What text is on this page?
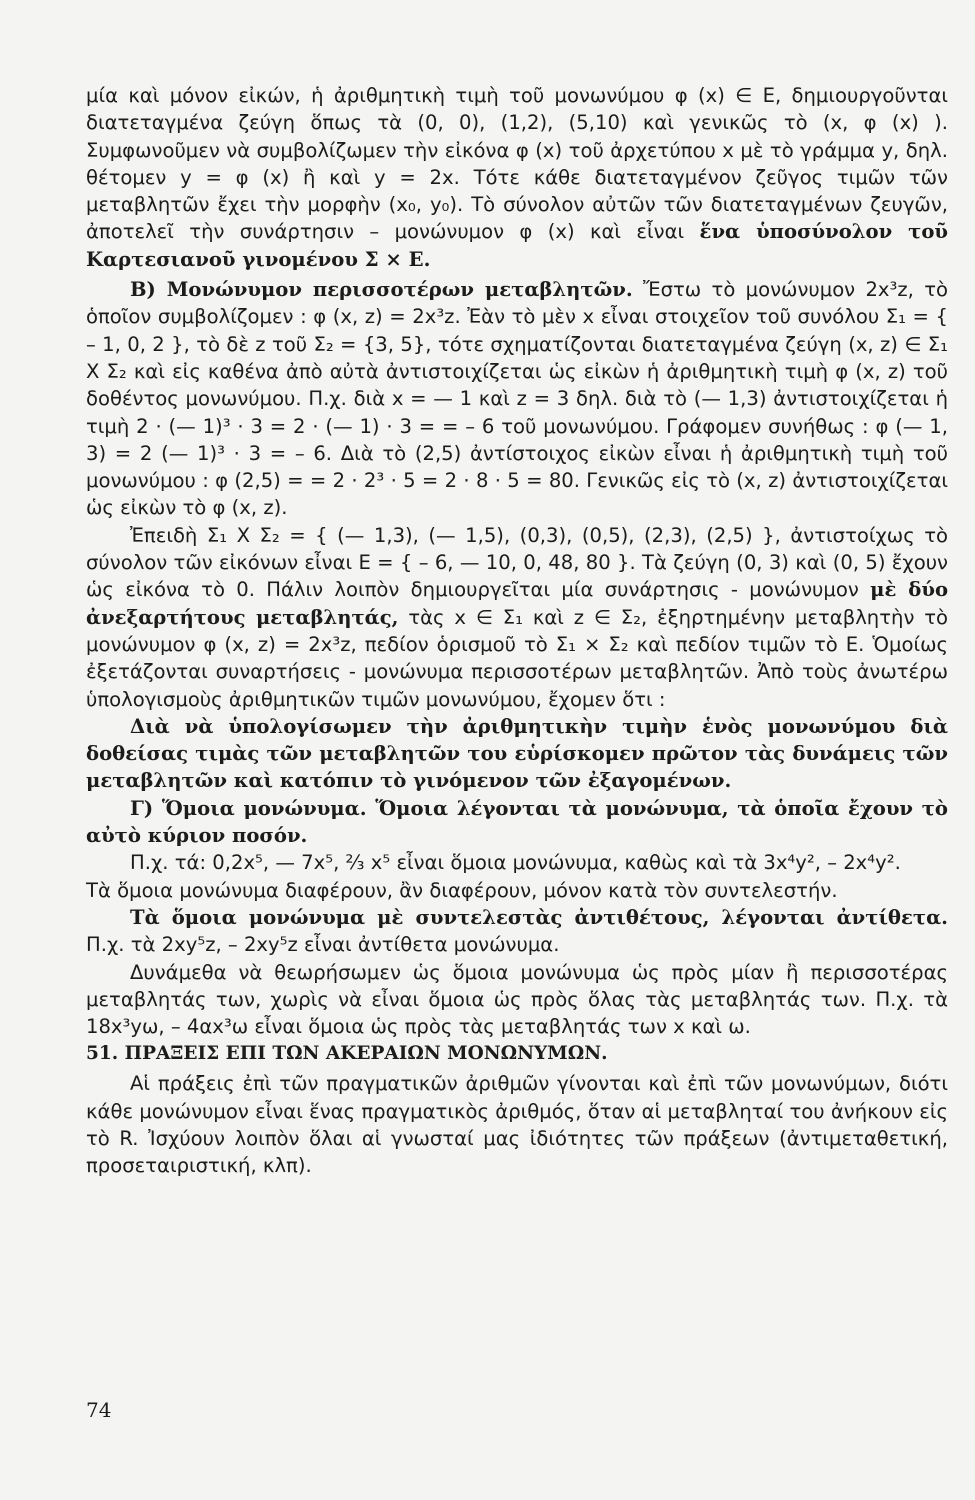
μία καὶ μόνον εἰκών, ἡ ἀριθμητικὴ τιμὴ τοῦ μονωνύμου φ (x) ∈ E, δημιουργοῦνται διατεταγμένα ζεύγη ὅπως τὰ (0, 0), (1,2), (5,10) καὶ γενικῶς τὸ (x, φ (x) ). Συμφωνοῦμεν νὰ συμβολίζωμεν τὴν εἰκόνα φ (x) τοῦ ἀρχετύπου x μὲ τὸ γράμμα y, δηλ. θέτομεν y = φ (x) ἢ καὶ y = 2x. Τότε κάθε διατεταγμένον ζεῦγος τιμῶν τῶν μεταβλητῶν ἔχει τὴν μορφὴν (x₀, y₀). Τὸ σύνολον αὐτῶν τῶν διατεταγμένων ζευγῶν, ἀποτελεῖ τὴν συνάρτησιν – μονώνυμον φ (x) καὶ εἶναι ἕνα ὑποσύνολον τοῦ Καρτεσιανοῦ γινομένου Σ × E.

B) Μονώνυμον περισσοτέρων μεταβλητῶν. Ἔστω τὸ μονώνυμον 2x³z, τὸ ὁποῖον συμβολίζομεν : φ (x, z) = 2x³z. Ἐὰν τὸ μὲν x εἶναι στοιχεῖον τοῦ συνόλου Σ₁ = { – 1, 0, 2 }, τὸ δὲ z τοῦ Σ₂ = {3, 5}, τότε σχηματίζονται διατεταγμένα ζεύγη (x, z) ∈ Σ₁ X Σ₂ καὶ εἰς καθένα ἀπὸ αὐτὰ ἀντιστοιχίζεται ὡς εἰκὼν ἡ ἀριθμητικὴ τιμὴ φ (x, z) τοῦ δοθέντος μονωνύμου. Π.χ. διὰ x = — 1 καὶ z = 3 δηλ. διὰ τὸ (— 1,3) ἀντιστοιχίζεται ἡ τιμὴ 2 · (— 1)³ · 3 = 2 · (— 1) · 3 = = – 6 τοῦ μονωνύμου. Γράφομεν συνήθως : φ (— 1, 3) = 2 (— 1)³ · 3 = – 6. Διὰ τὸ (2,5) ἀντίστοιχος εἰκὼν εἶναι ἡ ἀριθμητικὴ τιμὴ τοῦ μονωνύμου : φ (2,5) = = 2 · 2³ · 5 = 2 · 8 · 5 = 80. Γενικῶς εἰς τὸ (x, z) ἀντιστοιχίζεται ὡς εἰκὼν τὸ φ (x, z).

Ἐπειδὴ Σ₁ X Σ₂ = { (— 1,3), (— 1,5), (0,3), (0,5), (2,3), (2,5) }, ἀντιστοίχως τὸ σύνολον τῶν εἰκόνων εἶναι E = { – 6, — 10, 0, 48, 80 }. Τὰ ζεύγη (0, 3) καὶ (0, 5) ἔχουν ὡς εἰκόνα τὸ 0. Πάλιν λοιπὸν δημιουργεῖται μία συνάρτησις - μονώνυμον μὲ δύο ἀνεξαρτήτους μεταβλητάς, τὰς x ∈ Σ₁ καὶ z ∈ Σ₂, ἐξηρτημένην μεταβλητὴν τὸ μονώνυμον φ (x, z) = 2x³z, πεδίον ὁρισμοῦ τὸ Σ₁ × Σ₂ καὶ πεδίον τιμῶν τὸ E. Ὁμοίως ἐξετάζονται συναρτήσεις - μονώνυμα περισσοτέρων μεταβλητῶν. Ἀπὸ τοὺς ἀνωτέρω ὑπολογισμοὺς ἀριθμητικῶν τιμῶν μονωνύμου, ἔχομεν ὅτι :

Διὰ νὰ ὑπολογίσωμεν τὴν ἀριθμητικὴν τιμὴν ἑνὸς μονωνύμου διὰ δοθείσας τιμὰς τῶν μεταβλητῶν του εὑρίσκομεν πρῶτον τὰς δυνάμεις τῶν μεταβλητῶν καὶ κατόπιν τὸ γινόμενον τῶν ἐξαγομένων.

Γ) Ὅμοια μονώνυμα. Ὅμοια λέγονται τὰ μονώνυμα, τὰ ὁποῖα ἔχουν τὸ αὐτὸ κύριον ποσόν.

Π.χ. τά: 0,2x⁵, — 7x⁵, ⅔ x⁵ εἶναι ὅμοια μονώνυμα, καθὼς καὶ τὰ 3x⁴y², – 2x⁴y².

Τὰ ὅμοια μονώνυμα διαφέρουν, ἂν διαφέρουν, μόνον κατὰ τὸν συντελεστήν.

Τὰ ὅμοια μονώνυμα μὲ συντελεστὰς ἀντιθέτους, λέγονται ἀντίθετα. Π.χ. τὰ 2xy⁵z, – 2xy⁵z εἶναι ἀντίθετα μονώνυμα.

Δυνάμεθα νὰ θεωρήσωμεν ὡς ὅμοια μονώνυμα ὡς πρὸς μίαν ἢ περισσοτέρας μεταβλητάς των, χωρὶς νὰ εἶναι ὅμοια ὡς πρὸς ὅλας τὰς μεταβλητάς των. Π.χ. τὰ 18x³yω, – 4αx³ω εἶναι ὅμοια ὡς πρὸς τὰς μεταβλητάς των x καὶ ω.

51. ΠΡΑΞΕΙΣ ΕΠΙ ΤΩΝ ΑΚΕΡΑΙΩΝ ΜΟΝΩΝΥΜΩΝ.

Αἱ πράξεις ἐπὶ τῶν πραγματικῶν ἀριθμῶν γίνονται καὶ ἐπὶ τῶν μονωνύμων, διότι κάθε μονώνυμον εἶναι ἕνας πραγματικὸς ἀριθμός, ὅταν αἱ μεταβληταί του ἀνήκουν εἰς τὸ R. Ἰσχύουν λοιπὸν ὅλαι αἱ γνωσταί μας ἰδιότητες τῶν πράξεων (ἀντιμεταθετική, προσεταιριστική, κλπ).

74
